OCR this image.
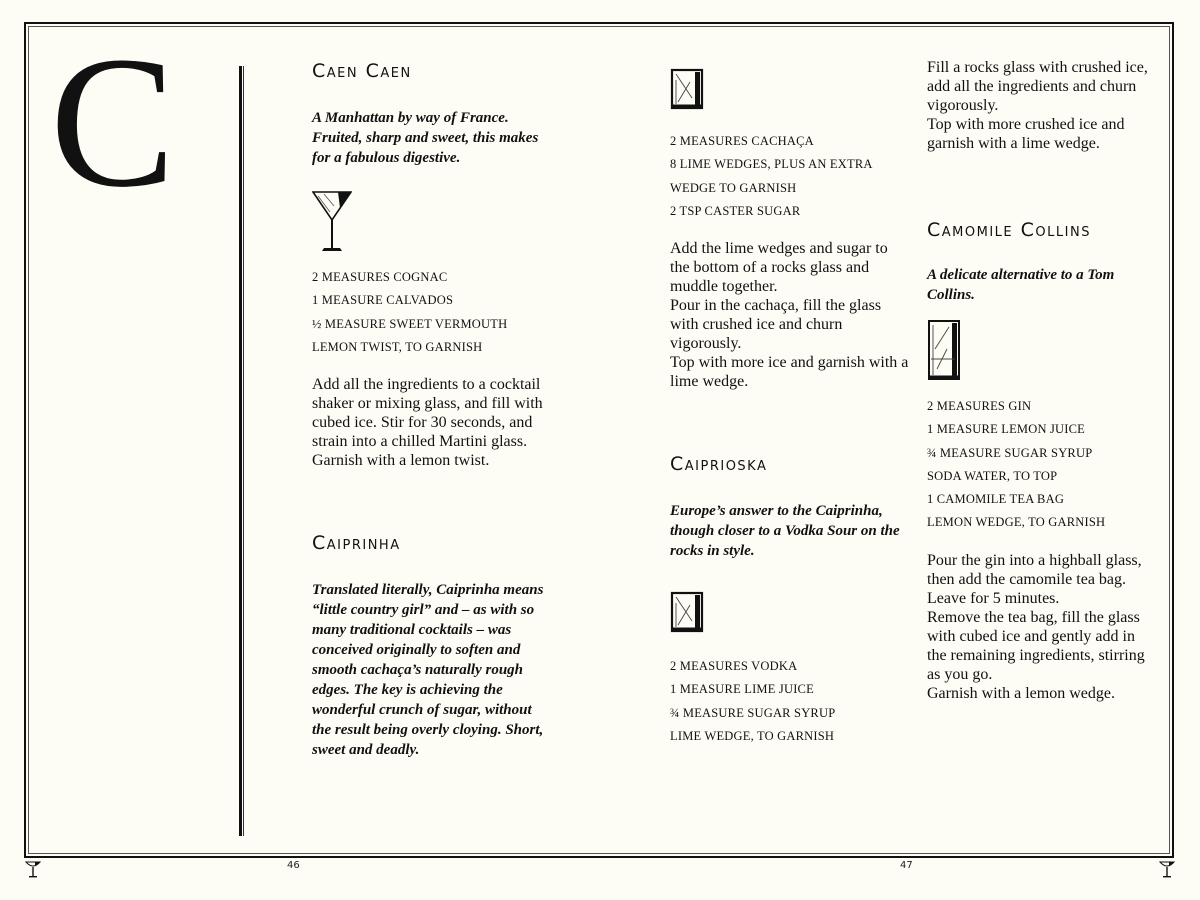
C	Caen Caen

A Manhattan by way of France. Fruited, sharp and sweet, this makes for a fabulous digestive.

2 MEASURES COGNAC
1 MEASURE CALVADOS
½ MEASURE SWEET VERMOUTH
LEMON TWIST, TO GARNISH

Add all the ingredients to a cocktail shaker or mixing glass, and fill with cubed ice. Stir for 30 seconds, and strain into a chilled Martini glass. Garnish with a lemon twist.

Caiprinha

Translated literally, Caiprinha means “little country girl” and – as with so many traditional cocktails – was conceived originally to soften and smooth cachaça’s naturally rough edges. The key is achieving the wonderful crunch of sugar, without the result being overly cloying. Short, sweet and deadly.

2 MEASURES CACHAÇA
8 LIME WEDGES, PLUS AN EXTRA
WEDGE TO GARNISH
2 TSP CASTER SUGAR

Add the lime wedges and sugar to the bottom of a rocks glass and muddle together.
Pour in the cachaça, fill the glass with crushed ice and churn vigorously.
Top with more ice and garnish with a lime wedge.

Caiprioska

Europe’s answer to the Caiprinha, though closer to a Vodka Sour on the rocks in style.

2 MEASURES VODKA
1 MEASURE LIME JUICE
¾ MEASURE SUGAR SYRUP
LIME WEDGE, TO GARNISH

Fill a rocks glass with crushed ice, add all the ingredients and churn vigorously.
Top with more crushed ice and garnish with a lime wedge.

Camomile Collins

A delicate alternative to a Tom Collins.

2 MEASURES GIN
1 MEASURE LEMON JUICE
¾ MEASURE SUGAR SYRUP
SODA WATER, TO TOP
1 CAMOMILE TEA BAG
LEMON WEDGE, TO GARNISH

Pour the gin into a highball glass, then add the camomile tea bag.
Leave for 5 minutes.
Remove the tea bag, fill the glass with cubed ice and gently add in the remaining ingredients, stirring as you go.
Garnish with a lemon wedge.

46	47
